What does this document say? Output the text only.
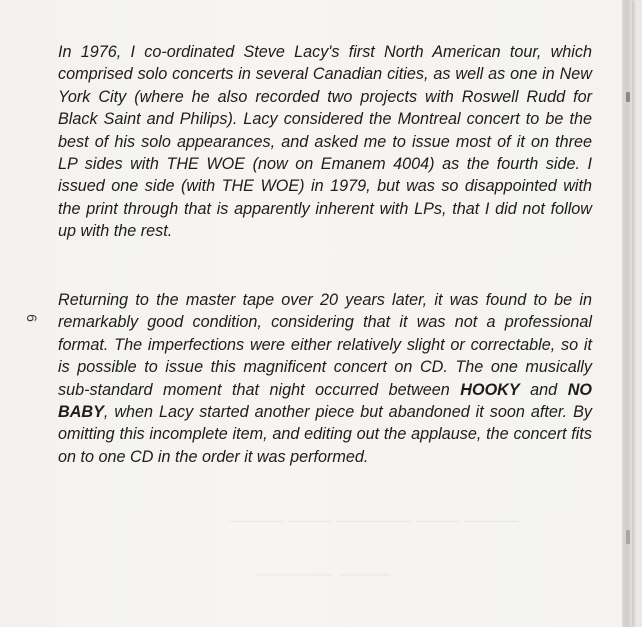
───── ──── ─────── ──── ─────
────── ────
6

In 1976, I co-ordinated Steve Lacy's first North American tour, which comprised solo concerts in several Canadian cities, as well as one in New York City (where he also recorded two projects with Roswell Rudd for Black Saint and Philips). Lacy considered the Montreal concert to be the best of his solo appearances, and asked me to issue most of it on three LP sides with THE WOE (now on Emanem 4004) as the fourth side. I issued one side (with THE WOE) in 1979, but was so disappointed with the print through that is apparently inherent with LPs, that I did not follow up with the rest.

Returning to the master tape over 20 years later, it was found to be in remarkably good condition, considering that it was not a professional format. The imperfections were either relatively slight or correctable, so it is possible to issue this magnificent concert on CD. The one musically sub-standard moment that night occurred between HOOKY and NO BABY, when Lacy started another piece but abandoned it soon after. By omitting this incomplete item, and editing out the applause, the concert fits on to one CD in the order it was performed.
